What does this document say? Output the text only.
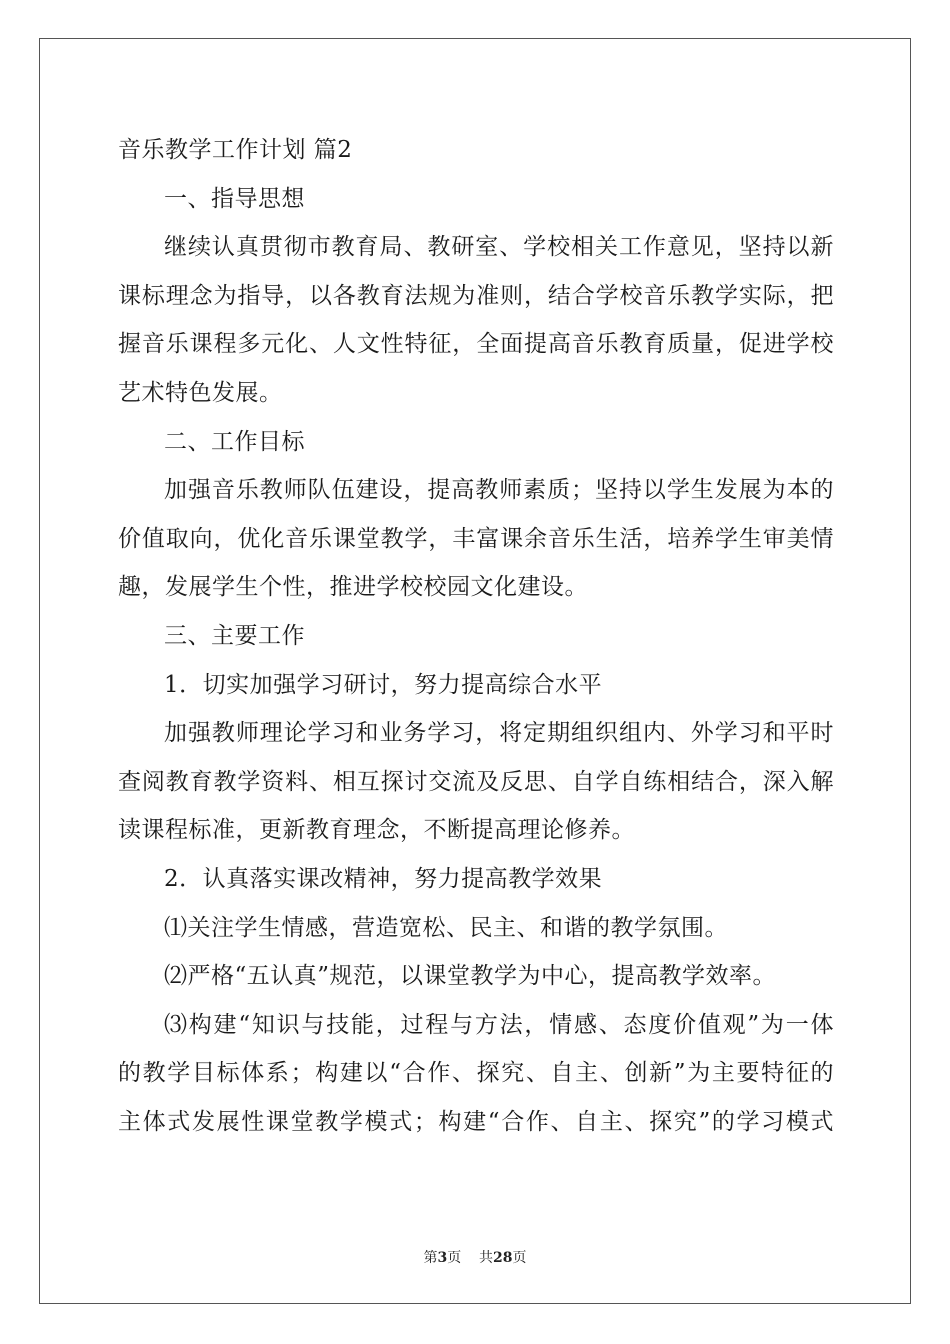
音乐教学工作计划 篇2
一、指导思想
继续认真贯彻市教育局、教研室、学校相关工作意见，坚持以新
课标理念为指导，以各教育法规为准则，结合学校音乐教学实际，把
握音乐课程多元化、人文性特征，全面提高音乐教育质量，促进学校
艺术特色发展。
二、工作目标
加强音乐教师队伍建设，提高教师素质；坚持以学生发展为本的
价值取向，优化音乐课堂教学，丰富课余音乐生活，培养学生审美情
趣，发展学生个性，推进学校校园文化建设。
三、主要工作
1．切实加强学习研讨，努力提高综合水平
加强教师理论学习和业务学习，将定期组织组内、外学习和平时
查阅教育教学资料、相互探讨交流及反思、自学自练相结合，深入解
读课程标准，更新教育理念，不断提高理论修养。
2．认真落实课改精神，努力提高教学效果
⑴关注学生情感，营造宽松、民主、和谐的教学氛围。
⑵严格“五认真”规范，以课堂教学为中心，提高教学效率。
⑶构建“知识与技能，过程与方法，情感、态度价值观”为一体
的教学目标体系；构建以“合作、探究、自主、创新”为主要特征的
主体式发展性课堂教学模式；构建“合作、自主、探究”的学习模式
第3页 共28页
